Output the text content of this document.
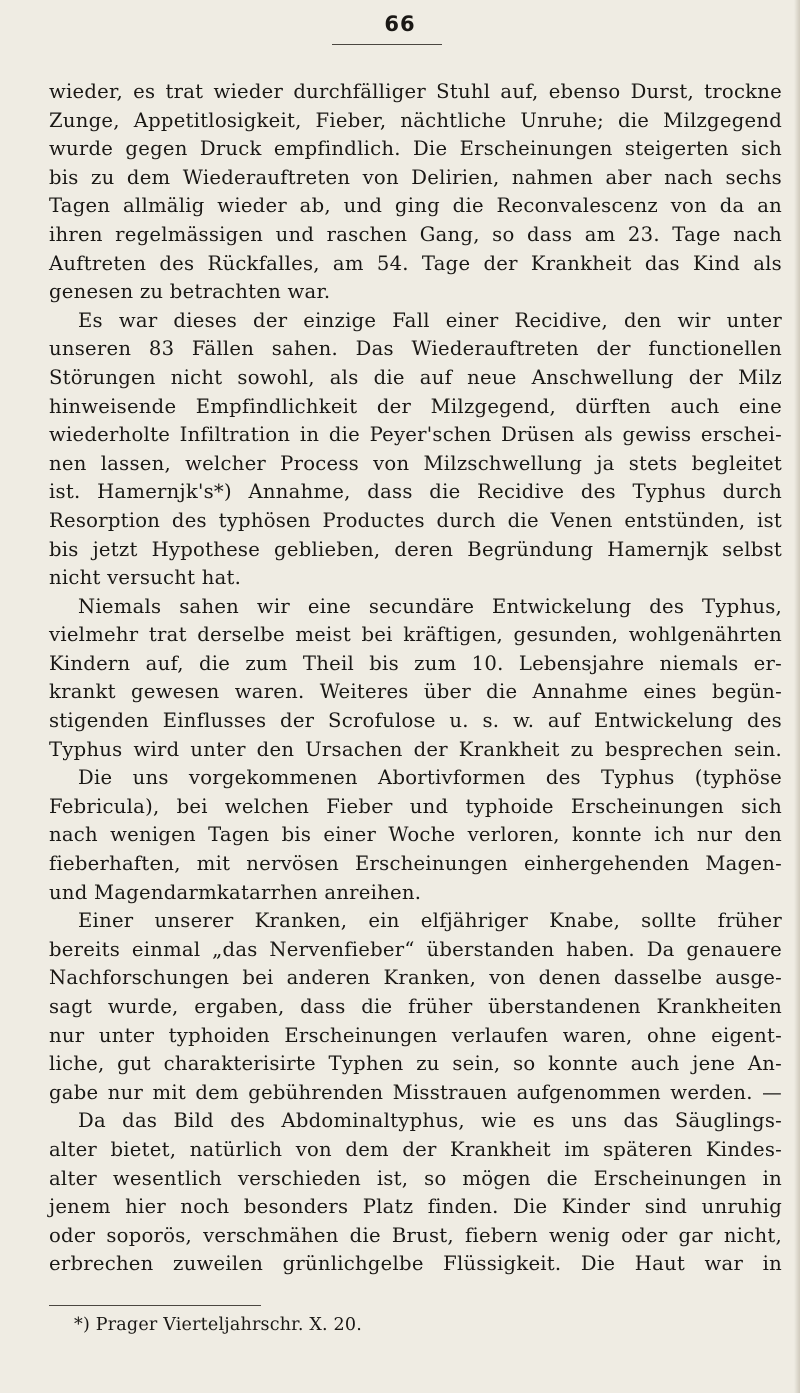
66
wieder, es trat wieder durchfälliger Stuhl auf, ebenso Durst, trockne
Zunge, Appetitlosigkeit, Fieber, nächtliche Unruhe; die Milzgegend
wurde gegen Druck empfindlich. Die Erscheinungen steigerten sich
bis zu dem Wiederauftreten von Delirien, nahmen aber nach sechs
Tagen allmälig wieder ab, und ging die Reconvalescenz von da an
ihren regelmässigen und raschen Gang, so dass am 23. Tage nach
Auftreten des Rückfalles, am 54. Tage der Krankheit das Kind als
genesen zu betrachten war.
Es war dieses der einzige Fall einer Recidive, den wir unter
unseren 83 Fällen sahen. Das Wiederauftreten der functionellen
Störungen nicht sowohl, als die auf neue Anschwellung der Milz
hinweisende Empfindlichkeit der Milzgegend, dürften auch eine
wiederholte Infiltration in die Peyer'schen Drüsen als gewiss erschei-
nen lassen, welcher Process von Milzschwellung ja stets begleitet
ist. Hamernjk's*) Annahme, dass die Recidive des Typhus durch
Resorption des typhösen Productes durch die Venen entstünden, ist
bis jetzt Hypothese geblieben, deren Begründung Hamernjk selbst
nicht versucht hat.
Niemals sahen wir eine secundäre Entwickelung des Typhus,
vielmehr trat derselbe meist bei kräftigen, gesunden, wohlgenährten
Kindern auf, die zum Theil bis zum 10. Lebensjahre niemals er-
krankt gewesen waren. Weiteres über die Annahme eines begün-
stigenden Einflusses der Scrofulose u. s. w. auf Entwickelung des
Typhus wird unter den Ursachen der Krankheit zu besprechen sein.
Die uns vorgekommenen Abortivformen des Typhus (typhöse
Febricula), bei welchen Fieber und typhoide Erscheinungen sich
nach wenigen Tagen bis einer Woche verloren, konnte ich nur den
fieberhaften, mit nervösen Erscheinungen einhergehenden Magen-
und Magendarmkatarrhen anreihen.
Einer unserer Kranken, ein elfjähriger Knabe, sollte früher
bereits einmal „das Nervenfieber“ überstanden haben. Da genauere
Nachforschungen bei anderen Kranken, von denen dasselbe ausge-
sagt wurde, ergaben, dass die früher überstandenen Krankheiten
nur unter typhoiden Erscheinungen verlaufen waren, ohne eigent-
liche, gut charakterisirte Typhen zu sein, so konnte auch jene An-
gabe nur mit dem gebührenden Misstrauen aufgenommen werden. —
Da das Bild des Abdominaltyphus, wie es uns das Säuglings-
alter bietet, natürlich von dem der Krankheit im späteren Kindes-
alter wesentlich verschieden ist, so mögen die Erscheinungen in
jenem hier noch besonders Platz finden. Die Kinder sind unruhig
oder soporös, verschmähen die Brust, fiebern wenig oder gar nicht,
erbrechen zuweilen grünlichgelbe Flüssigkeit. Die Haut war in
*) Prager Vierteljahrschr. X. 20.
